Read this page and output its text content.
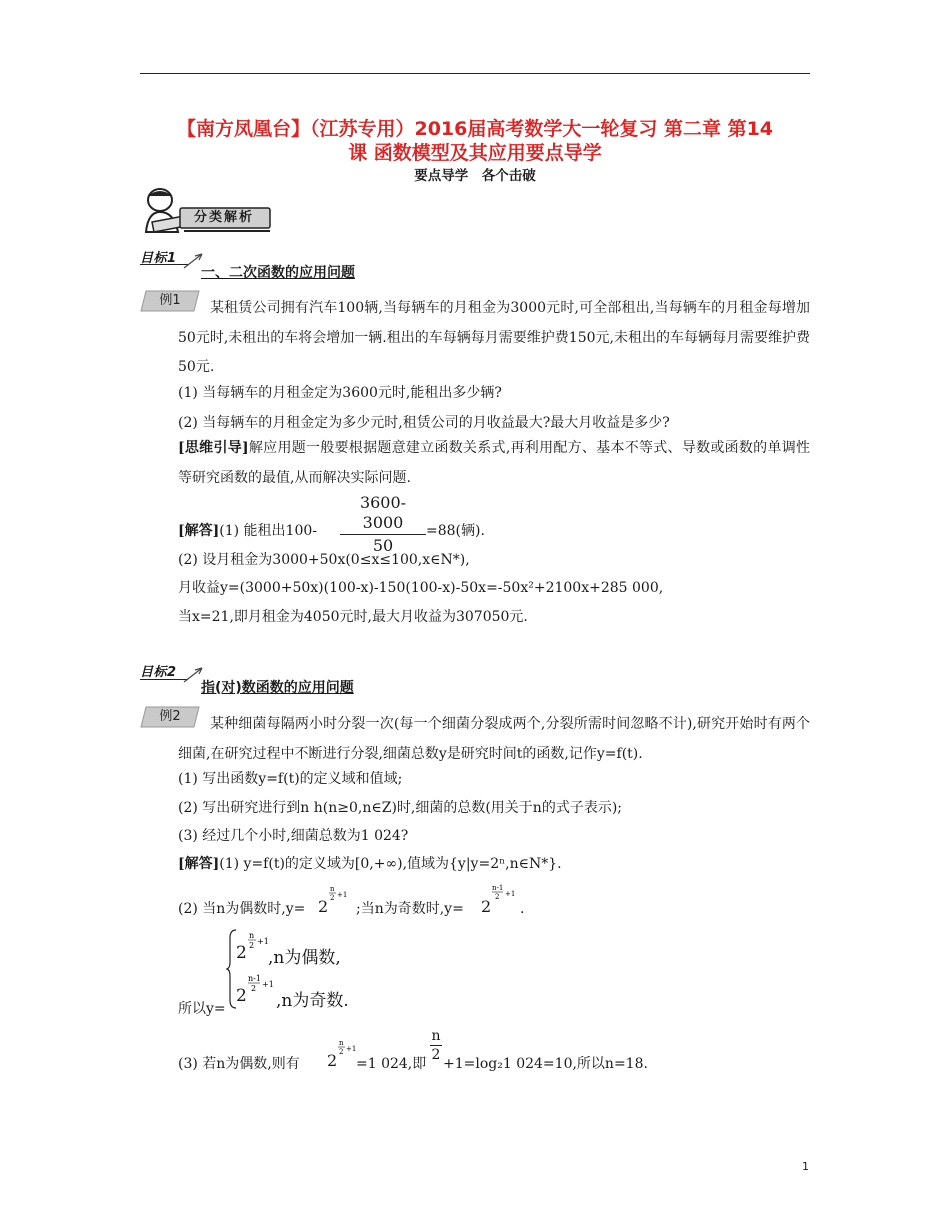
【南方凤凰台】（江苏专用）2016届高考数学大一轮复习 第二章 第14
课 函数模型及其应用要点导学
要点导学　各个击破
分类解析
目标1
一、二次函数的应用问题
例1	某租赁公司拥有汽车100辆,当每辆车的月租金为3000元时,可全部租出,当每辆车的月租金每增加50元时,未租出的车将会增加一辆.租出的车每辆每月需要维护费150元,未租出的车每辆每月需要维护费50元.
(1) 当每辆车的月租金定为3600元时,能租出多少辆?
(2) 当每辆车的月租金定为多少元时,租赁公司的月收益最大?最大月收益是多少?
[思维引导]解应用题一般要根据题意建立函数关系式,再利用配方、基本不等式、导数或函数的单调性等研究函数的最值,从而解决实际问题.
3600-3000
50
[解答](1) 能租出100-	=88(辆).
(2) 设月租金为3000+50x(0≤x≤100,x∈N*),
月收益y=(3000+50x)(100-x)-150(100-x)-50x=-50x²+2100x+285 000,
当x=21,即月租金为4050元时,最大月收益为307050元.
目标2
指(对)数函数的应用问题
例2	某种细菌每隔两小时分裂一次(每一个细菌分裂成两个,分裂所需时间忽略不计),研究开始时有两个细菌,在研究过程中不断进行分裂,细菌总数y是研究时间t的函数,记作y=f(t).
(1) 写出函数y=f(t)的定义域和值域;
(2) 写出研究进行到n h(n≥0,n∈Z)时,细菌的总数(用关于n的式子表示);
(3) 经过几个小时,细菌总数为1 024?
[解答](1) y=f(t)的定义域为[0,+∞),值域为{y|y=2ⁿ,n∈N*}.
(2) 当n为偶数时,y= 2
n
2 +1
;当n为奇数时,y= 2
n-1
2 +1
.
2
n
2 +1
,n为偶数,
2
n-1
2 +1
,n为奇数.
所以y=
(3) 若n为偶数,则有 2
n
2 +1
=1 024,即
n
2
+1=log₂1 024=10,所以n=18.
1
